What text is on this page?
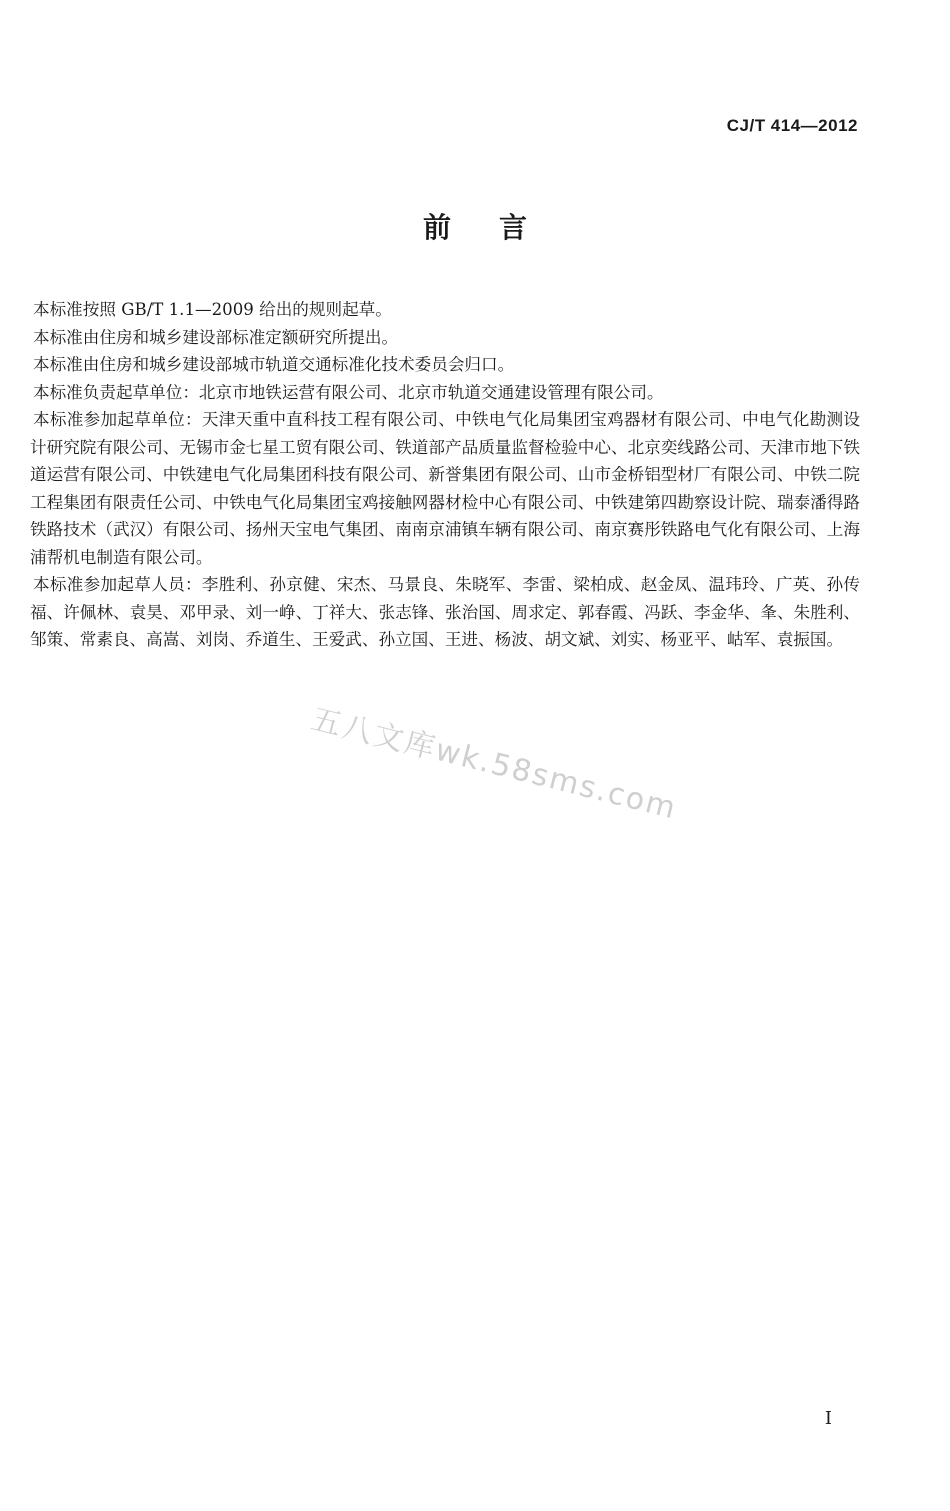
CJ/T 414—2012
前言

本标准按照 GB/T 1.1—2009 给出的规则起草。

本标准由住房和城乡建设部标准定额研究所提出。

本标准由住房和城乡建设部城市轨道交通标准化技术委员会归口。

本标准负责起草单位：北京市地铁运营有限公司、北京市轨道交通建设管理有限公司。

本标准参加起草单位：天津天重中直科技工程有限公司、中铁电气化局集团宝鸡器材有限公司、中电气化勘测设计研究院有限公司、无锡市金七星工贸有限公司、铁道部产品质量监督检验中心、北京奕线路公司、天津市地下铁道运营有限公司、中铁建电气化局集团科技有限公司、新誉集团有限公司、山市金桥铝型材厂有限公司、中铁二院工程集团有限责任公司、中铁电气化局集团宝鸡接触网器材检中心有限公司、中铁建第四勘察设计院、瑞泰潘得路铁路技术（武汉）有限公司、扬州天宝电气集团、南南京浦镇车辆有限公司、南京赛彤铁路电气化有限公司、上海浦帮机电制造有限公司。

本标准参加起草人员：李胜利、孙京健、宋杰、马景良、朱晓军、李雷、梁柏成、赵金凤、温玮玲、广英、孙传福、许佩林、袁昊、邓甲录、刘一峥、丁祥大、张志锋、张治国、周求定、郭春霞、冯跃、李金华、夆、朱胜利、邹策、常素良、高嵩、刘岗、乔道生、王爱武、孙立国、王进、杨波、胡文斌、刘实、杨亚平、岵军、袁振国。

五八文库wk.58sms.com
I
